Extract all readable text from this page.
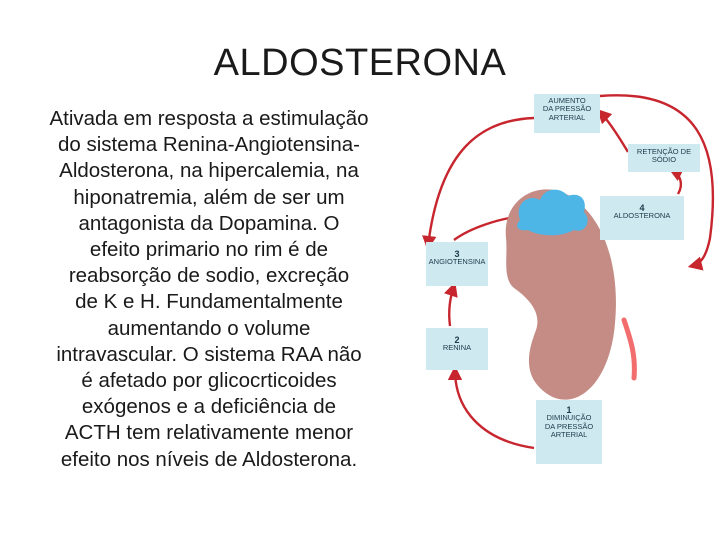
ALDOSTERONA
Ativada em resposta a estimulação
do sistema Renina-Angiotensina-
Aldosterona, na hipercalemia, na
hiponatremia, além de ser um
antagonista da Dopamina. O
efeito primario no rim é de
reabsorção de sodio, excreção
de K e H. Fundamentalmente
aumentando o volume
intravascular. O sistema RAA não
é afetado por glicocrticoides
exógenos e a deficiência de
ACTH tem relativamente menor
efeito nos níveis de Aldosterona.
AUMENTO
DA PRESSÃO
ARTERIAL
RETENÇÃO DE
SÓDIO
4
ALDOSTERONA
3
ANGIOTENSINA
2
RENINA
1
DIMINUIÇÃO
DA PRESSÃO
ARTERIAL
